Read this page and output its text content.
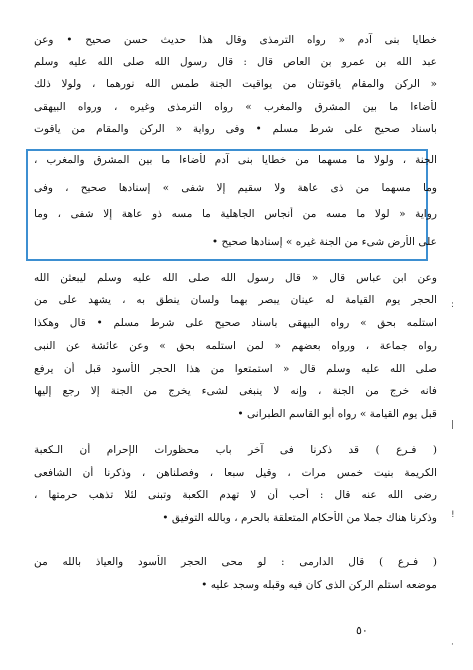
خطايا بنى آدم « رواه الترمذى وقال هذا حديث حسن صحيح • وعن
عبد الله بن عمرو بن العاص قال : قال رسول الله صلى الله عليه وسلم
« الركن والمقام ياقوتتان من يواقيت الجنة طمس الله نورهما ، ولولا ذلك
لأضاءا ما بين المشرق والمغرب » رواه الترمذى وغيره ، ورواه البيهقى
باسناد صحيح على شرط مسلم • وفى رواية « الركن والمقام من ياقوت
الجنة ، ولولا ما مسهما من خطايا بنى آدم لأضاءا ما بين المشرق والمغرب ،
وما مسهما من ذى عاهة ولا سقيم إلا شفى » إسنادها صحيح ، وفى
رواية « لولا ما مسه من أنجاس الجاهلية ما مسه ذو عاهة إلا شفى ، وما
على الأرض شىء من الجنة غيره » إسنادها صحيح •
وعن ابن عباس قال « قال رسول الله صلى الله عليه وسلم ليبعثن الله
الحجر يوم القيامة له عينان يبصر بهما ولسان ينطق به ، يشهد على من
استلمه بحق » رواه البيهقى باسناد صحيح على شرط مسلم • قال وهكذا
رواه جماعة ، ورواه بعضهم « لمن استلمه بحق » وعن عائشة عن النبى
صلى الله عليه وسلم قال « استمتعوا من هذا الحجر الأسود قبل أن يرفع
فانه خرج من الجنة ، وإنه لا ينبغى لشىء يخرج من الجنة إلا رجع إليها
قبل يوم القيامة » رواه أبو القاسم الطبرانى •
( فـرع ) قد ذكرنا فى آخر باب محظورات الإحرام أن الـكعبة
الكريمة بنيت خمس مرات ، وقيل سبعا ، وفصلناهن ، وذكرنا أن الشافعى
رضى الله عنه قال : أحب أن لا تهدم الكعبة وتبنى لئلا تذهب حرمتها ،
وذكرنا هناك جملا من الأحكام المتعلقة بالحرم ، وبالله التوفيق •
( فـرع ) قال الدارمى : لو محى الحجر الأسود والعياذ بالله من
موضعه استلم الركن الذى كان فيه وقبله وسجد عليه •
٥٠
:
|
!
·
